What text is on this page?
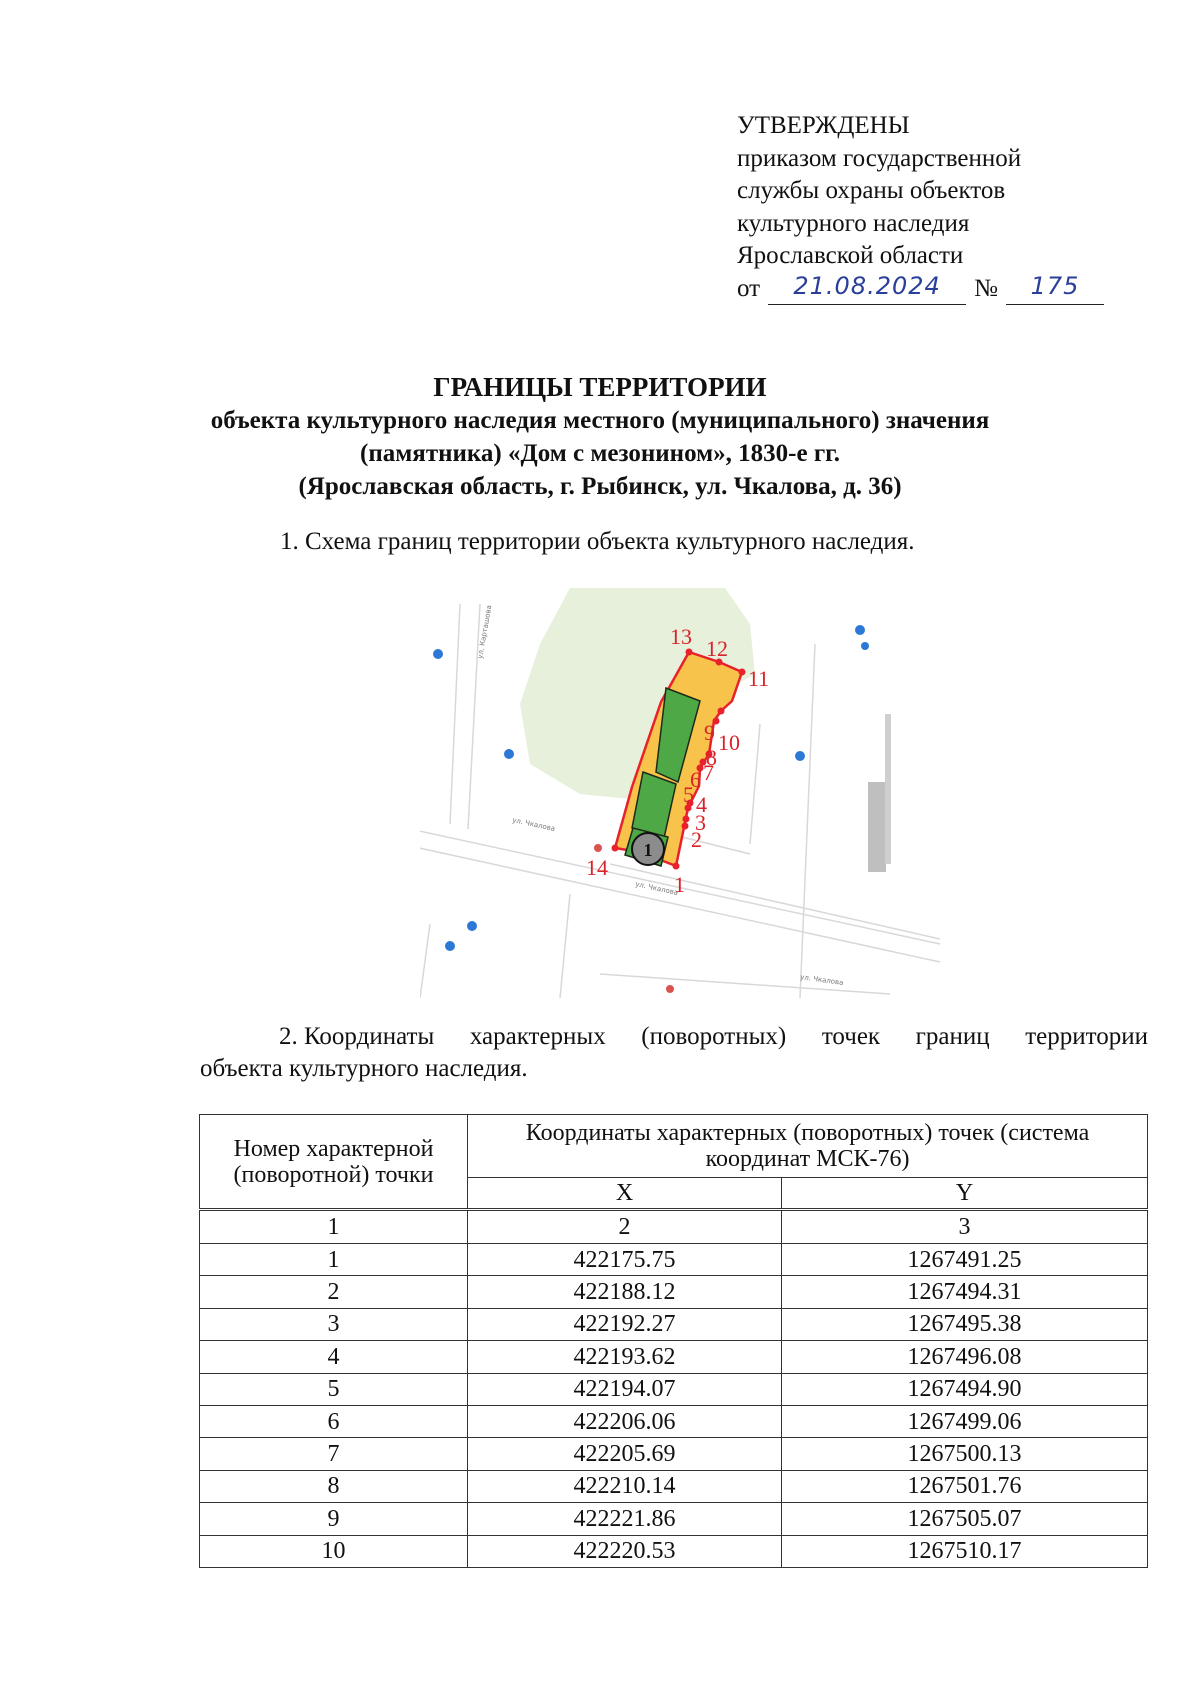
УТВЕРЖДЕНЫ
приказом государственной
службы охраны объектов
культурного наследия
Ярославской области
от	21.08.2024	№	175
ГРАНИЦЫ ТЕРРИТОРИИ
объекта культурного наследия местного (муниципального) значения
(памятника) «Дом с мезонином», 1830-е гг.
(Ярославская область, г. Рыбинск, ул. Чкалова, д. 36)
1. Схема границ территории объекта культурного наследия.
ул. Карташова
ул. Чкалова
ул. Чкалова
ул. Чкалова
1
1
2
3
4
5
6 7
8
9 10
11
12
13
14
2. Координаты характерных (поворотных) точек границ территории
объекта культурного наследия.
Номер характерной (поворотной) точки	Координаты характерных (поворотных) точек (система координат МСК-76)	
	X	Y
1	2	3
1	422175.75	1267491.25
2	422188.12	1267494.31
3	422192.27	1267495.38
4	422193.62	1267496.08
5	422194.07	1267494.90
6	422206.06	1267499.06
7	422205.69	1267500.13
8	422210.14	1267501.76
9	422221.86	1267505.07
10	422220.53	1267510.17
